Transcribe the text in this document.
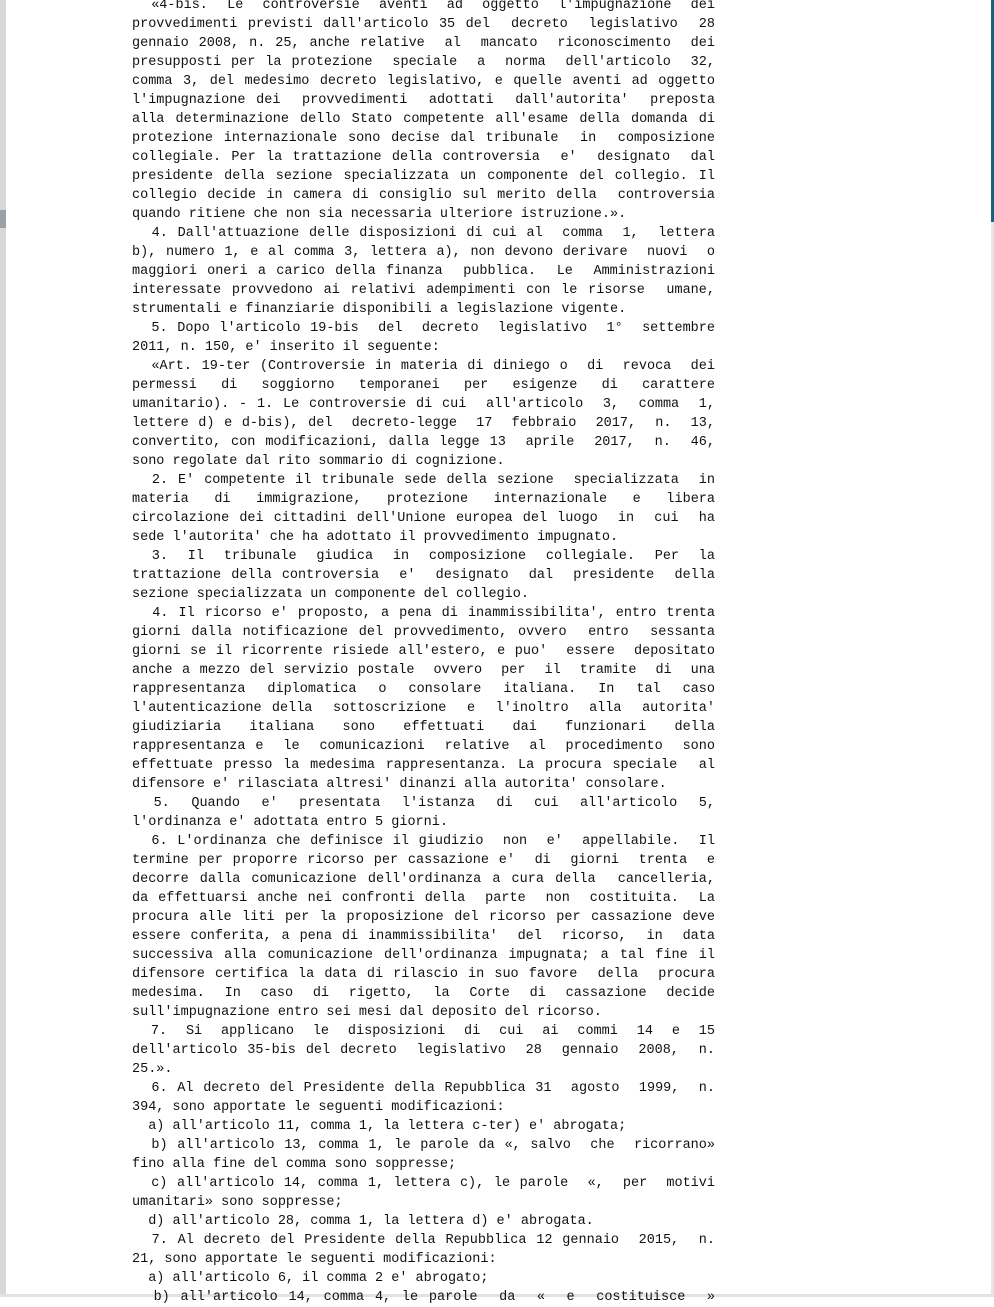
«4-bis.  Le  controversie  aventi  ad  oggetto  l'impugnazione  dei
provvedimenti previsti dall'articolo 35 del  decreto  legislativo  28
gennaio 2008, n. 25, anche relative  al  mancato  riconoscimento  dei
presupposti per la protezione  speciale  a  norma  dell'articolo  32,
comma 3, del medesimo decreto legislativo, e quelle aventi ad oggetto
l'impugnazione dei  provvedimenti  adottati  dall'autorita'  preposta
alla determinazione dello Stato competente all'esame della domanda di
protezione internazionale sono decise dal tribunale  in  composizione
collegiale. Per la trattazione della controversia  e'  designato  dal
presidente della sezione specializzata un componente del collegio. Il
collegio decide in camera di consiglio sul merito della  controversia
quando ritiene che non sia necessaria ulteriore istruzione.».
4. Dall'attuazione delle disposizioni di cui al  comma  1,  lettera
b), numero 1, e al comma 3, lettera a), non devono derivare  nuovi  o
maggiori oneri a carico della finanza  pubblica.  Le  Amministrazioni
interessate provvedono ai relativi adempimenti con le risorse  umane,
strumentali e finanziarie disponibili a legislazione vigente.
5. Dopo l'articolo 19-bis  del  decreto  legislativo  1°  settembre
2011, n. 150, e' inserito il seguente:
«Art. 19-ter (Controversie in materia di diniego o  di  revoca  dei
permessi  di  soggiorno  temporanei  per  esigenze  di  carattere
umanitario). - 1. Le controversie di cui  all'articolo  3,  comma  1,
lettere d) e d-bis), del  decreto-legge  17  febbraio  2017,  n.  13,
convertito, con modificazioni, dalla legge 13  aprile  2017,  n.  46,
sono regolate dal rito sommario di cognizione.
2. E' competente il tribunale sede della sezione  specializzata  in
materia  di  immigrazione,  protezione  internazionale  e  libera
circolazione dei cittadini dell'Unione europea del luogo  in  cui  ha
sede l'autorita' che ha adottato il provvedimento impugnato.
3.  Il  tribunale  giudica  in  composizione  collegiale.  Per  la
trattazione della controversia  e'  designato  dal  presidente  della
sezione specializzata un componente del collegio.
4. Il ricorso e' proposto, a pena di inammissibilita', entro trenta
giorni dalla notificazione del provvedimento, ovvero  entro  sessanta
giorni se il ricorrente risiede all'estero, e puo'  essere  depositato
anche a mezzo del servizio postale  ovvero  per  il  tramite  di  una
rappresentanza  diplomatica  o  consolare  italiana.  In  tal  caso
l'autenticazione della  sottoscrizione  e  l'inoltro  alla  autorita'
giudiziaria  italiana  sono  effettuati  dai  funzionari  della
rappresentanza e  le  comunicazioni  relative  al  procedimento  sono
effettuate presso la medesima rappresentanza. La procura speciale  al
difensore e' rilasciata altresi' dinanzi alla autorita' consolare.
5.  Quando  e'  presentata  l'istanza  di  cui  all'articolo  5,
l'ordinanza e' adottata entro 5 giorni.
6. L'ordinanza che definisce il giudizio  non  e'  appellabile.  Il
termine per proporre ricorso per cassazione e'  di  giorni  trenta  e
decorre dalla comunicazione dell'ordinanza a cura della  cancelleria,
da effettuarsi anche nei confronti della  parte  non  costituita.  La
procura alle liti per la proposizione del ricorso per cassazione deve
essere conferita, a pena di inammissibilita'  del  ricorso,  in  data
successiva alla comunicazione dell'ordinanza impugnata; a tal fine il
difensore certifica la data di rilascio in suo favore  della  procura
medesima.  In  caso  di  rigetto,  la  Corte  di  cassazione  decide
sull'impugnazione entro sei mesi dal deposito del ricorso.
7.  Si  applicano  le  disposizioni  di  cui  ai  commi  14  e  15
dell'articolo 35-bis del decreto  legislativo  28  gennaio  2008,  n.
25.».
6. Al decreto del Presidente della Repubblica 31  agosto  1999,  n.
394, sono apportate le seguenti modificazioni:
a) all'articolo 11, comma 1, la lettera c-ter) e' abrogata;
b) all'articolo 13, comma 1, le parole da «, salvo  che  ricorrano»
fino alla fine del comma sono soppresse;
c) all'articolo 14, comma 1, lettera c), le parole  «,  per  motivi
umanitari» sono soppresse;
d) all'articolo 28, comma 1, la lettera d) e' abrogata.
7. Al decreto del Presidente della Repubblica 12 gennaio  2015,  n.
21, sono apportate le seguenti modificazioni:
a) all'articolo 6, il comma 2 e' abrogato;
b) all'articolo 14, comma 4, le parole  da  «  e  costituisce  »
